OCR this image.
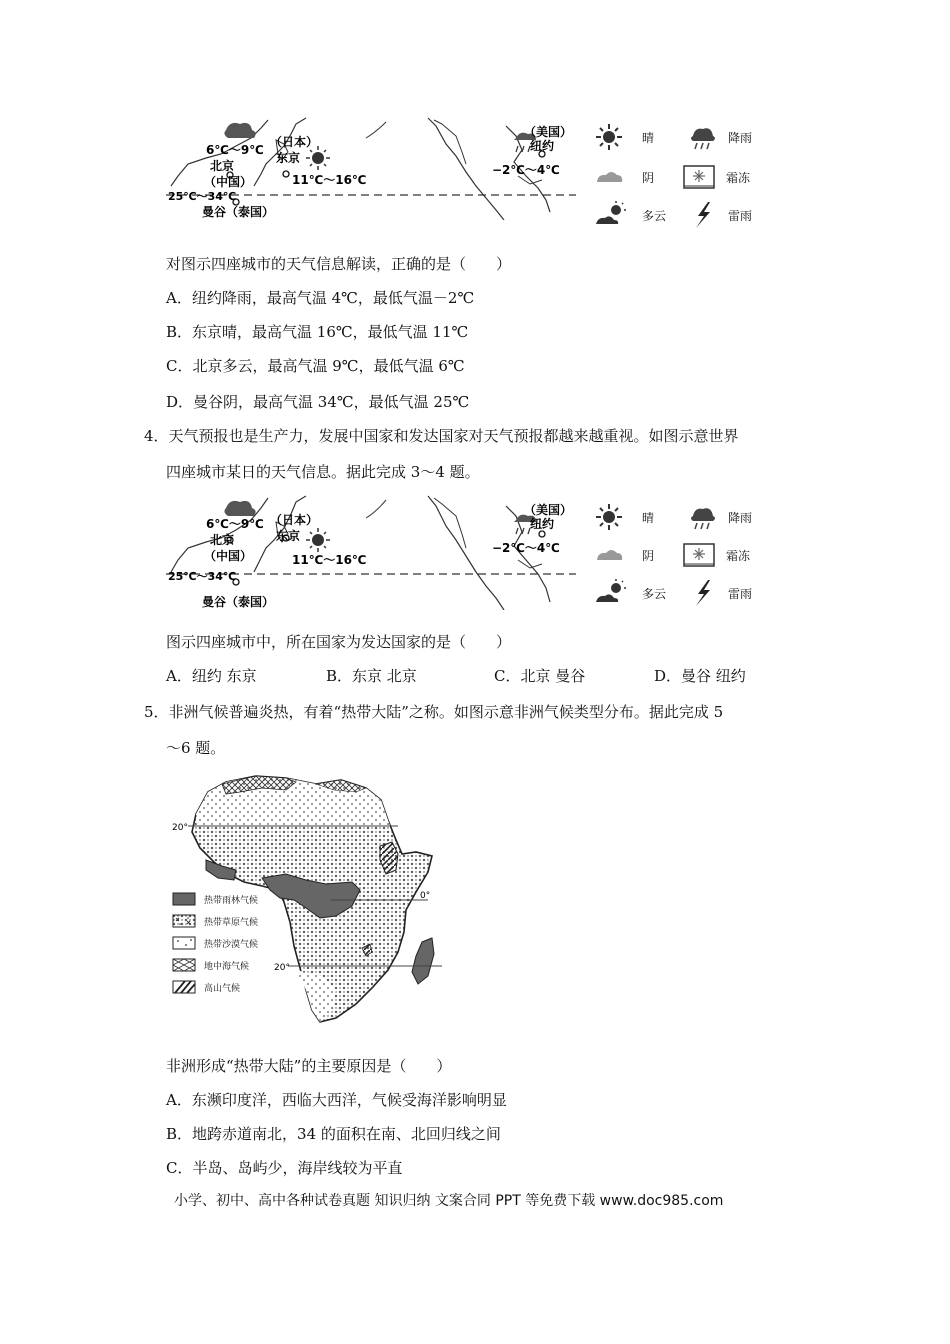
6℃～9℃
北京
（中国）
（日本）
东京
11℃～16℃
25℃～34℃
曼谷（泰国）
（美国）
纽约
−2℃～4℃
晴	降雨
阴	霜冻
多云	雷雨
对图示四座城市的天气信息解读，正确的是（　　）
A．纽约降雨，最高气温 4℃，最低气温－2℃
B．东京晴，最高气温 16℃，最低气温 11℃
C．北京多云，最高气温 9℃，最低气温 6℃
D．曼谷阴，最高气温 34℃，最低气温 25℃
4．天气预报也是生产力，发展中国家和发达国家对天气预报都越来越重视。如图示意世界
四座城市某日的天气信息。据此完成 3～4 题。
6℃～9℃
北京
（中国）
（日本）
东京
11℃～16℃
25℃～34℃
曼谷（泰国）
（美国）
纽约
−2℃～4℃
晴	降雨
阴	霜冻
多云	雷雨
图示四座城市中，所在国家为发达国家的是（　　）
A．纽约 东京	B．东京 北京	C．北京 曼谷	D．曼谷 纽约
5．非洲气候普遍炎热，有着“热带大陆”之称。如图示意非洲气候类型分布。据此完成 5
～6 题。
20°
0°
20°
热带雨林气候
热带草原气候
热带沙漠气候
地中海气候
高山气候
非洲形成“热带大陆”的主要原因是（　　）
A．东濒印度洋，西临大西洋，气候受海洋影响明显
B．地跨赤道南北，34 的面积在南、北回归线之间
C．半岛、岛屿少，海岸线较为平直
小学、初中、高中各种试卷真题 知识归纳 文案合同 PPT 等免费下载 www.doc985.com
